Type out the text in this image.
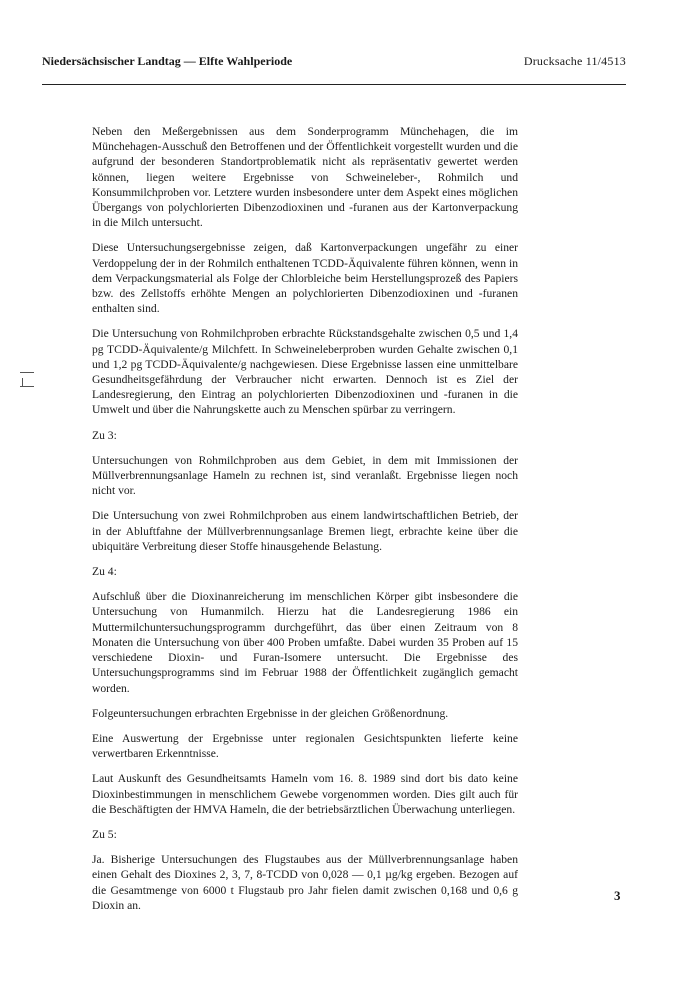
Niedersächsischer Landtag — Elfte Wahlperiode	Drucksache 11/4513

Neben den Meßergebnissen aus dem Sonderprogramm Münchehagen, die im Münchehagen-Ausschuß den Betroffenen und der Öffentlichkeit vorgestellt wurden und die aufgrund der besonderen Standortproblematik nicht als repräsentativ gewertet werden können, liegen weitere Ergebnisse von Schweineleber-, Rohmilch und Konsummilchproben vor. Letztere wurden insbesondere unter dem Aspekt eines möglichen Übergangs von polychlorierten Dibenzodioxinen und -furanen aus der Kartonverpackung in die Milch untersucht.

Diese Untersuchungsergebnisse zeigen, daß Kartonverpackungen ungefähr zu einer Verdoppelung der in der Rohmilch enthaltenen TCDD-Äquivalente führen können, wenn in dem Verpackungsmaterial als Folge der Chlorbleiche beim Herstellungsprozeß des Papiers bzw. des Zellstoffs erhöhte Mengen an polychlorierten Dibenzodioxinen und -furanen enthalten sind.

Die Untersuchung von Rohmilchproben erbrachte Rückstandsgehalte zwischen 0,5 und 1,4 pg TCDD-Äquivalente/g Milchfett. In Schweineleberproben wurden Gehalte zwischen 0,1 und 1,2 pg TCDD-Äquivalente/g nachgewiesen. Diese Ergebnisse lassen eine unmittelbare Gesundheitsgefährdung der Verbraucher nicht erwarten. Dennoch ist es Ziel der Landesregierung, den Eintrag an polychlorierten Dibenzodioxinen und -furanen in die Umwelt und über die Nahrungskette auch zu Menschen spürbar zu verringern.

Zu 3:

Untersuchungen von Rohmilchproben aus dem Gebiet, in dem mit Immissionen der Müllverbrennungsanlage Hameln zu rechnen ist, sind veranlaßt. Ergebnisse liegen noch nicht vor.

Die Untersuchung von zwei Rohmilchproben aus einem landwirtschaftlichen Betrieb, der in der Abluftfahne der Müllverbrennungsanlage Bremen liegt, erbrachte keine über die ubiquitäre Verbreitung dieser Stoffe hinausgehende Belastung.

Zu 4:

Aufschluß über die Dioxinanreicherung im menschlichen Körper gibt insbesondere die Untersuchung von Humanmilch. Hierzu hat die Landesregierung 1986 ein Muttermilchuntersuchungsprogramm durchgeführt, das über einen Zeitraum von 8 Monaten die Untersuchung von über 400 Proben umfaßte. Dabei wurden 35 Proben auf 15 verschiedene Dioxin- und Furan-Isomere untersucht. Die Ergebnisse des Untersuchungsprogramms sind im Februar 1988 der Öffentlichkeit zugänglich gemacht worden.

Folgeuntersuchungen erbrachten Ergebnisse in der gleichen Größenordnung.

Eine Auswertung der Ergebnisse unter regionalen Gesichtspunkten lieferte keine verwertbaren Erkenntnisse.

Laut Auskunft des Gesundheitsamts Hameln vom 16. 8. 1989 sind dort bis dato keine Dioxinbestimmungen in menschlichem Gewebe vorgenommen worden. Dies gilt auch für die Beschäftigten der HMVA Hameln, die der betriebsärztlichen Überwachung unterliegen.

Zu 5:

Ja. Bisherige Untersuchungen des Flugstaubes aus der Müllverbrennungsanlage haben einen Gehalt des Dioxines 2, 3, 7, 8-TCDD von 0,028 — 0,1 µg/kg ergeben. Bezogen auf die Gesamtmenge von 6000 t Flugstaub pro Jahr fielen damit zwischen 0,168 und 0,6 g Dioxin an.

3
